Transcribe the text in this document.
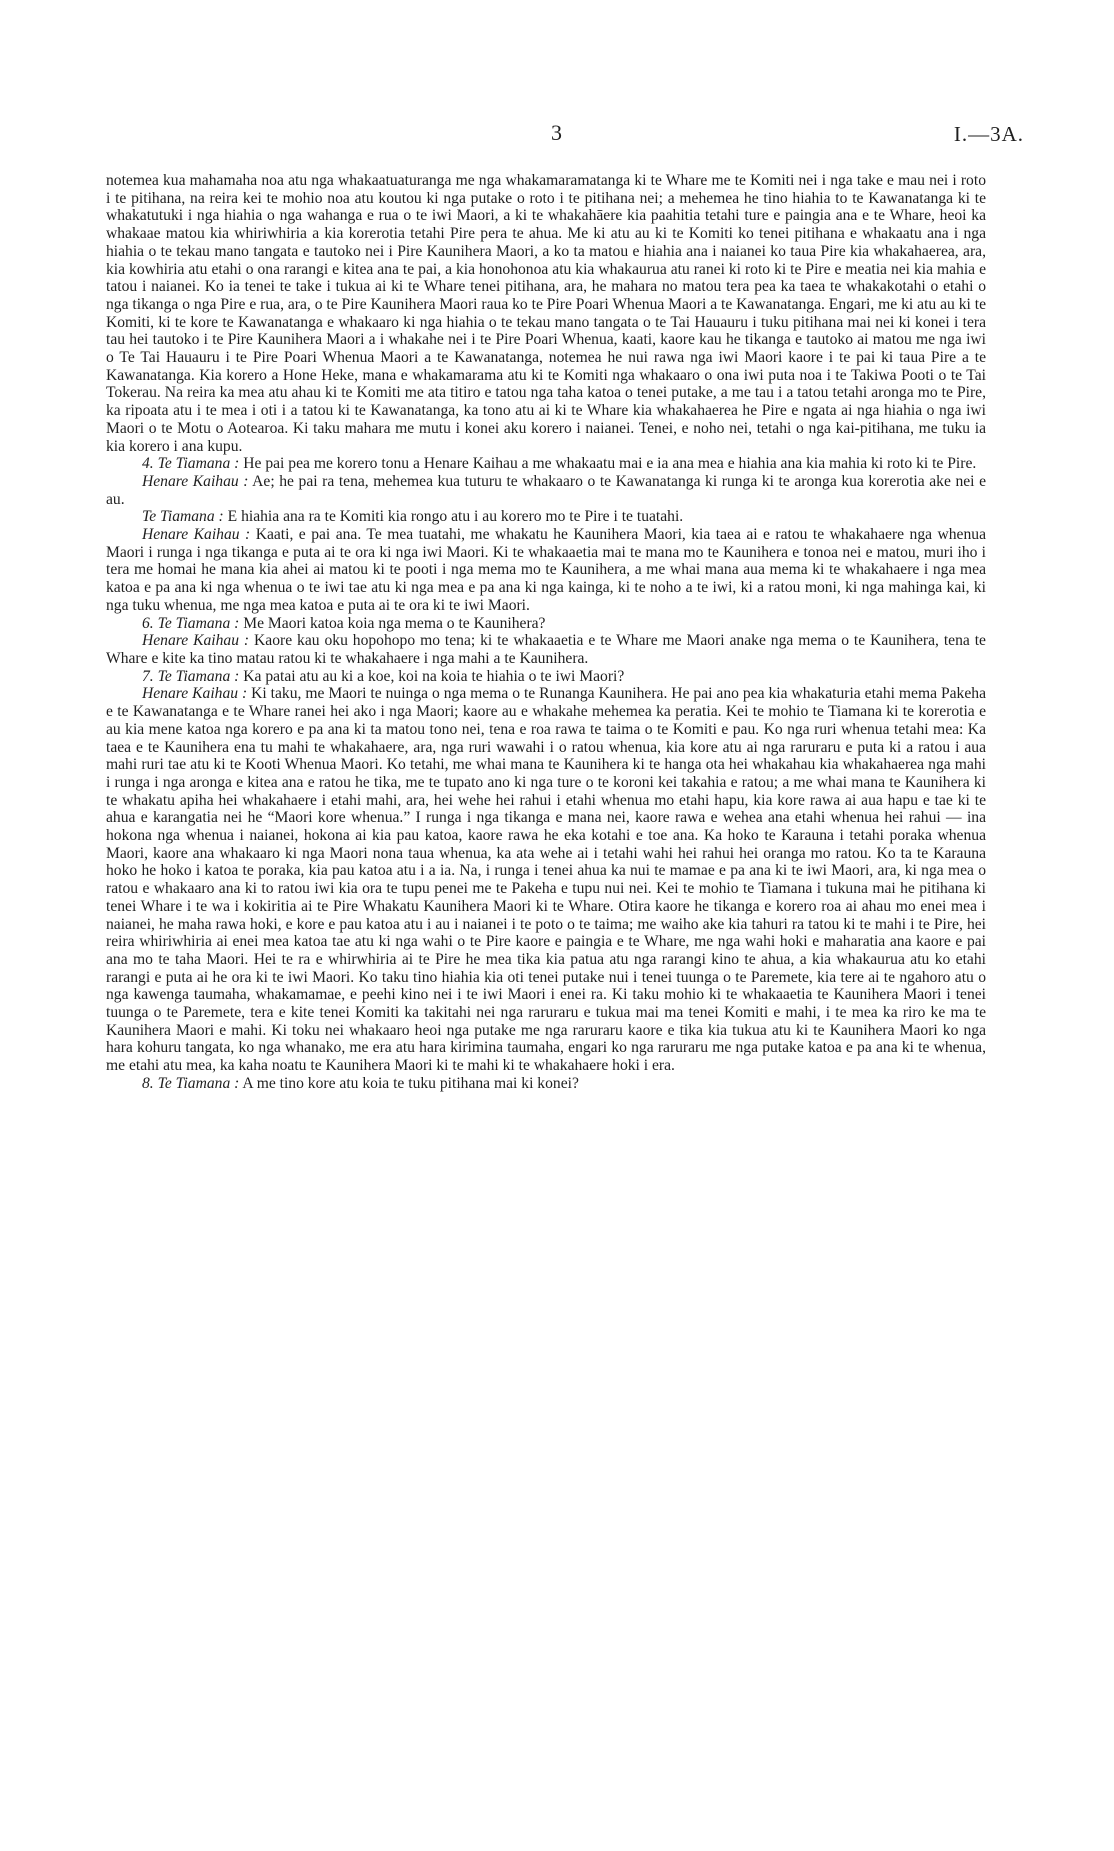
3	I.—3A.

notemea kua mahamaha noa atu nga whakaatuaturanga me nga whakamaramatanga ki te Whare me te Komiti nei i nga take e mau nei i roto i te pitihana, na reira kei te mohio noa atu koutou ki nga putake o roto i te pitihana nei; a mehemea he tino hiahia to te Kawanatanga ki te whakatutuki i nga hiahia o nga wahanga e rua o te iwi Maori, a ki te whakahāere kia paahitia tetahi ture e paingia ana e te Whare, heoi ka whakaae matou kia whiriwhiria a kia korerotia tetahi Pire pera te ahua. Me ki atu au ki te Komiti ko tenei pitihana e whakaatu ana i nga hiahia o te tekau mano tangata e tautoko nei i Pire Kaunihera Maori, a ko ta matou e hiahia ana i naianei ko taua Pire kia whakahaerea, ara, kia kowhiria atu etahi o ona rarangi e kitea ana te pai, a kia honohonoa atu kia whakaurua atu ranei ki roto ki te Pire e meatia nei kia mahia e tatou i naianei. Ko ia tenei te take i tukua ai ki te Whare tenei pitihana, ara, he mahara no matou tera pea ka taea te whakakotahi o etahi o nga tikanga o nga Pire e rua, ara, o te Pire Kaunihera Maori raua ko te Pire Poari Whenua Maori a te Kawanatanga. Engari, me ki atu au ki te Komiti, ki te kore te Kawanatanga e whakaaro ki nga hiahia o te tekau mano tangata o te Tai Hauauru i tuku pitihana mai nei ki konei i tera tau hei tautoko i te Pire Kaunihera Maori a i whakahe nei i te Pire Poari Whenua, kaati, kaore kau he tikanga e tautoko ai matou me nga iwi o Te Tai Hauauru i te Pire Poari Whenua Maori a te Kawanatanga, notemea he nui rawa nga iwi Maori kaore i te pai ki taua Pire a te Kawanatanga. Kia korero a Hone Heke, mana e whakamarama atu ki te Komiti nga whakaaro o ona iwi puta noa i te Takiwa Pooti o te Tai Tokerau. Na reira ka mea atu ahau ki te Komiti me ata titiro e tatou nga taha katoa o tenei putake, a me tau i a tatou tetahi aronga mo te Pire, ka ripoata atu i te mea i oti i a tatou ki te Kawanatanga, ka tono atu ai ki te Whare kia whakahaerea he Pire e ngata ai nga hiahia o nga iwi Maori o te Motu o Aotearoa. Ki taku mahara me mutu i konei aku korero i naianei. Tenei, e noho nei, tetahi o nga kai-pitihana, me tuku ia kia korero i ana kupu.

4. Te Tiamana : He pai pea me korero tonu a Henare Kaihau a me whakaatu mai e ia ana mea e hiahia ana kia mahia ki roto ki te Pire.

Henare Kaihau : Ae; he pai ra tena, mehemea kua tuturu te whakaaro o te Kawanatanga ki runga ki te aronga kua korerotia ake nei e au.

Te Tiamana : E hiahia ana ra te Komiti kia rongo atu i au korero mo te Pire i te tuatahi.

Henare Kaihau : Kaati, e pai ana. Te mea tuatahi, me whakatu he Kaunihera Maori, kia taea ai e ratou te whakahaere nga whenua Maori i runga i nga tikanga e puta ai te ora ki nga iwi Maori. Ki te whakaaetia mai te mana mo te Kaunihera e tonoa nei e matou, muri iho i tera me homai he mana kia ahei ai matou ki te pooti i nga mema mo te Kaunihera, a me whai mana aua mema ki te whakahaere i nga mea katoa e pa ana ki nga whenua o te iwi tae atu ki nga mea e pa ana ki nga kainga, ki te noho a te iwi, ki a ratou moni, ki nga mahinga kai, ki nga tuku whenua, me nga mea katoa e puta ai te ora ki te iwi Maori.

6. Te Tiamana : Me Maori katoa koia nga mema o te Kaunihera?

Henare Kaihau : Kaore kau oku hopohopo mo tena; ki te whakaaetia e te Whare me Maori anake nga mema o te Kaunihera, tena te Whare e kite ka tino matau ratou ki te whakahaere i nga mahi a te Kaunihera.

7. Te Tiamana : Ka patai atu au ki a koe, koi na koia te hiahia o te iwi Maori?

Henare Kaihau : Ki taku, me Maori te nuinga o nga mema o te Runanga Kaunihera. He pai ano pea kia whakaturia etahi mema Pakeha e te Kawanatanga e te Whare ranei hei ako i nga Maori; kaore au e whakahe mehemea ka peratia. Kei te mohio te Tiamana ki te korerotia e au kia mene katoa nga korero e pa ana ki ta matou tono nei, tena e roa rawa te taima o te Komiti e pau. Ko nga ruri whenua tetahi mea: Ka taea e te Kaunihera ena tu mahi te whakahaere, ara, nga ruri wawahi i o ratou whenua, kia kore atu ai nga raruraru e puta ki a ratou i aua mahi ruri tae atu ki te Kooti Whenua Maori. Ko tetahi, me whai mana te Kaunihera ki te hanga ota hei whakahau kia whakahaerea nga mahi i runga i nga aronga e kitea ana e ratou he tika, me te tupato ano ki nga ture o te koroni kei takahia e ratou; a me whai mana te Kaunihera ki te whakatu apiha hei whakahaere i etahi mahi, ara, hei wehe hei rahui i etahi whenua mo etahi hapu, kia kore rawa ai aua hapu e tae ki te ahua e karangatia nei he “Maori kore whenua.” I runga i nga tikanga e mana nei, kaore rawa e wehea ana etahi whenua hei rahui — ina hokona nga whenua i naianei, hokona ai kia pau katoa, kaore rawa he eka kotahi e toe ana. Ka hoko te Karauna i tetahi poraka whenua Maori, kaore ana whakaaro ki nga Maori nona taua whenua, ka ata wehe ai i tetahi wahi hei rahui hei oranga mo ratou. Ko ta te Karauna hoko he hoko i katoa te poraka, kia pau katoa atu i a ia. Na, i runga i tenei ahua ka nui te mamae e pa ana ki te iwi Maori, ara, ki nga mea o ratou e whakaaro ana ki to ratou iwi kia ora te tupu penei me te Pakeha e tupu nui nei. Kei te mohio te Tiamana i tukuna mai he pitihana ki tenei Whare i te wa i kokiritia ai te Pire Whakatu Kaunihera Maori ki te Whare. Otira kaore he tikanga e korero roa ai ahau mo enei mea i naianei, he maha rawa hoki, e kore e pau katoa atu i au i naianei i te poto o te taima; me waiho ake kia tahuri ra tatou ki te mahi i te Pire, hei reira whiriwhiria ai enei mea katoa tae atu ki nga wahi o te Pire kaore e paingia e te Whare, me nga wahi hoki e maharatia ana kaore e pai ana mo te taha Maori. Hei te ra e whirwhiria ai te Pire he mea tika kia patua atu nga rarangi kino te ahua, a kia whakaurua atu ko etahi rarangi e puta ai he ora ki te iwi Maori. Ko taku tino hiahia kia oti tenei putake nui i tenei tuunga o te Paremete, kia tere ai te ngahoro atu o nga kawenga taumaha, whakamamae, e peehi kino nei i te iwi Maori i enei ra. Ki taku mohio ki te whakaaetia te Kaunihera Maori i tenei tuunga o te Paremete, tera e kite tenei Komiti ka takitahi nei nga raruraru e tukua mai ma tenei Komiti e mahi, i te mea ka riro ke ma te Kaunihera Maori e mahi. Ki toku nei whakaaro heoi nga putake me nga raruraru kaore e tika kia tukua atu ki te Kaunihera Maori ko nga hara kohuru tangata, ko nga whanako, me era atu hara kirimina taumaha, engari ko nga raruraru me nga putake katoa e pa ana ki te whenua, me etahi atu mea, ka kaha noatu te Kaunihera Maori ki te mahi ki te whakahaere hoki i era.

8. Te Tiamana : A me tino kore atu koia te tuku pitihana mai ki konei?
